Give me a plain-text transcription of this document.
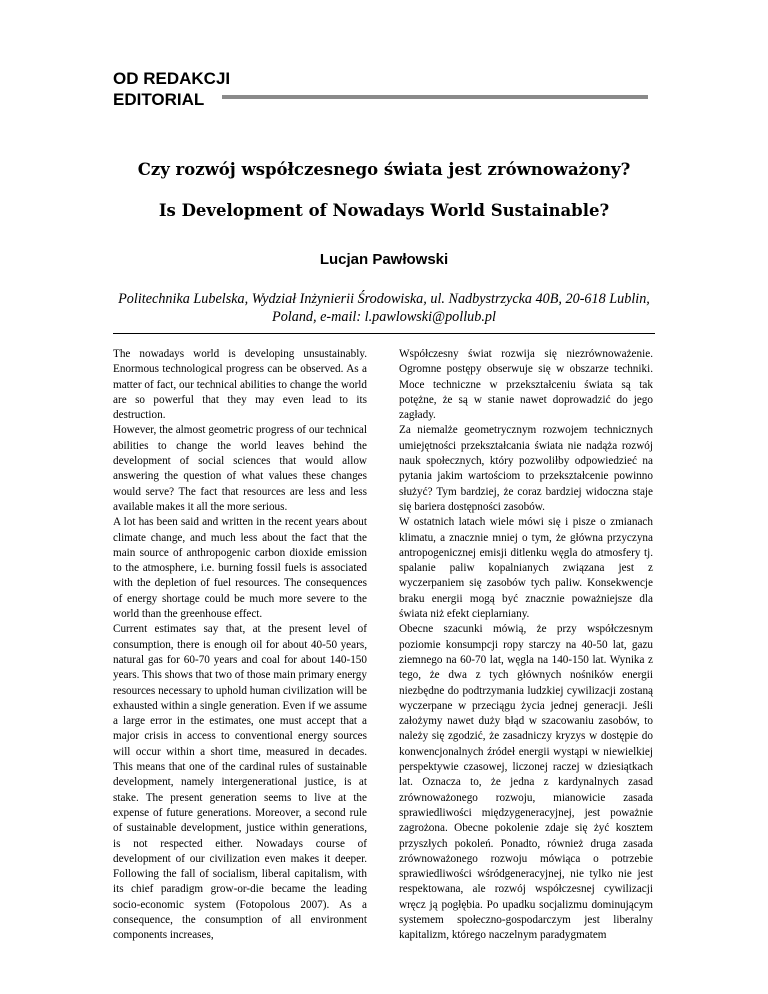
OD REDAKCJI
EDITORIAL
Czy rozwój współczesnego świata jest zrównoważony?
Is Development of Nowadays World Sustainable?
Lucjan Pawłowski
Politechnika Lubelska, Wydział Inżynierii Środowiska, ul. Nadbystrzycka 40B, 20-618 Lublin, Poland, e-mail: l.pawlowski@pollub.pl

The nowadays world is developing unsustainably. Enormous technological progress can be observed. As a matter of fact, our technical abilities to change the world are so powerful that they may even lead to its destruction.

However, the almost geometric progress of our technical abilities to change the world leaves behind the development of social sciences that would allow answering the question of what values these changes would serve? The fact that resources are less and less available makes it all the more serious.

A lot has been said and written in the recent years about climate change, and much less about the fact that the main source of anthropogenic carbon dioxide emission to the atmosphere, i.e. burning fossil fuels is associated with the depletion of fuel resources. The consequences of energy shortage could be much more severe to the world than the greenhouse effect.

Current estimates say that, at the present level of consumption, there is enough oil for about 40-50 years, natural gas for 60-70 years and coal for about 140-150 years. This shows that two of those main primary energy resources necessary to uphold human civilization will be exhausted within a single generation. Even if we assume a large error in the estimates, one must accept that a major crisis in access to conventional energy sources will occur within a short time, measured in decades. This means that one of the cardinal rules of sustainable development, namely intergenerational justice, is at stake. The present generation seems to live at the expense of future generations. Moreover, a second rule of sustainable development, justice within generations, is not respected either. Nowadays course of development of our civilization even makes it deeper. Following the fall of socialism, liberal capitalism, with its chief paradigm grow-or-die became the leading socio-economic system (Fotopolous 2007). As a consequence, the consumption of all environment components increases,

Współczesny świat rozwija się niezrównoważenie. Ogromne postępy obserwuje się w obszarze techniki. Moce techniczne w przekształceniu świata są tak potężne, że są w stanie nawet doprowadzić do jego zagłady.

Za niemalże geometrycznym rozwojem technicznych umiejętności przekształcania świata nie nadąża rozwój nauk społecznych, który pozwoliłby odpowiedzieć na pytania jakim wartościom to przekształcenie powinno służyć? Tym bardziej, że coraz bardziej widoczna staje się bariera dostępności zasobów.

W ostatnich latach wiele mówi się i pisze o zmianach klimatu, a znacznie mniej o tym, że główna przyczyna antropogenicznej emisji ditlenku węgla do atmosfery tj. spalanie paliw kopalnianych związana jest z wyczerpaniem się zasobów tych paliw. Konsekwencje braku energii mogą być znacznie poważniejsze dla świata niż efekt cieplarniany.

Obecne szacunki mówią, że przy współczesnym poziomie konsumpcji ropy starczy na 40-50 lat, gazu ziemnego na 60-70 lat, węgla na 140-150 lat. Wynika z tego, że dwa z tych głównych nośników energii niezbędne do podtrzymania ludzkiej cywilizacji zostaną wyczerpane w przeciągu życia jednej generacji. Jeśli założymy nawet duży błąd w szacowaniu zasobów, to należy się zgodzić, że zasadniczy kryzys w dostępie do konwencjonalnych źródeł energii wystąpi w niewielkiej perspektywie czasowej, liczonej raczej w dziesiątkach lat. Oznacza to, że jedna z kardynalnych zasad zrównoważonego rozwoju, mianowicie zasada sprawiedliwości międzygeneracyjnej, jest poważnie zagrożona. Obecne pokolenie zdaje się żyć kosztem przyszłych pokoleń. Ponadto, również druga zasada zrównoważonego rozwoju mówiąca o potrzebie sprawiedliwości wśródgeneracyjnej, nie tylko nie jest respektowana, ale rozwój współczesnej cywilizacji wręcz ją pogłębia. Po upadku socjalizmu dominującym systemem społeczno-gospodarczym jest liberalny kapitalizm, którego naczelnym paradygmatem
